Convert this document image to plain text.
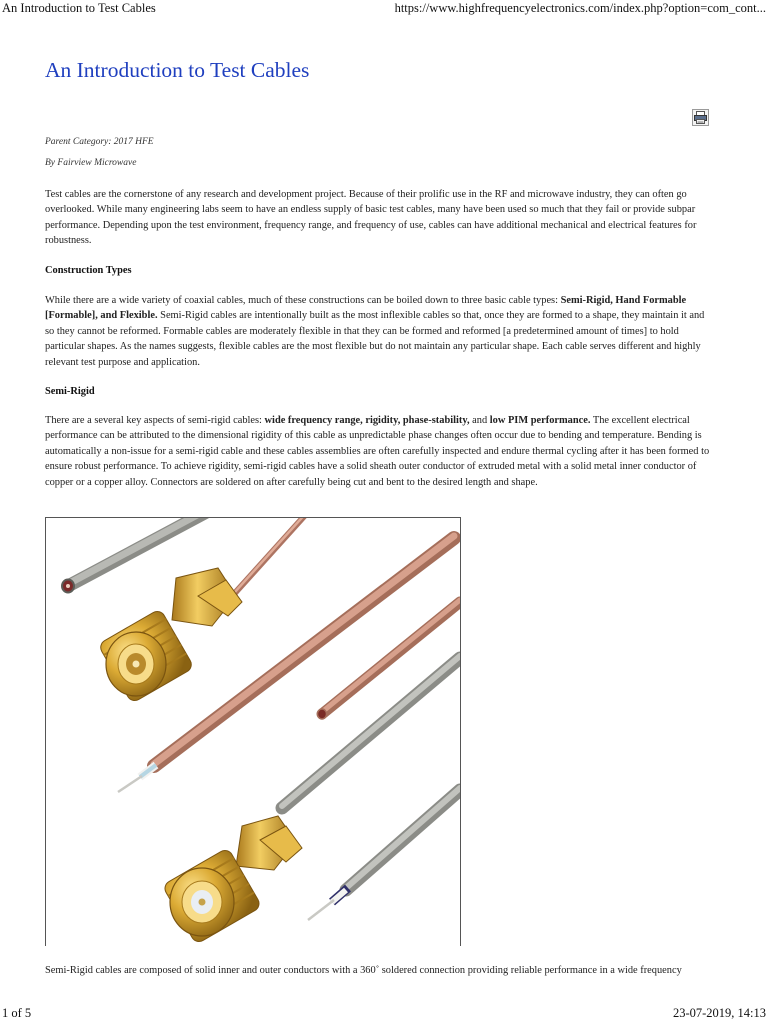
An Introduction to Test Cables	https://www.highfrequencyelectronics.com/index.php?option=com_cont...
An Introduction to Test Cables
Parent Category: 2017 HFE
By Fairview Microwave

Test cables are the cornerstone of any research and development project. Because of their prolific use in the RF and microwave industry, they can often go overlooked. While many engineering labs seem to have an endless supply of basic test cables, many have been used so much that they fail or provide subpar performance. Depending upon the test environment, frequency range, and frequency of use, cables can have additional mechanical and electrical features for robustness.

Construction Types

While there are a wide variety of coaxial cables, much of these constructions can be boiled down to three basic cable types: Semi-Rigid, Hand Formable [Formable], and Flexible. Semi-Rigid cables are intentionally built as the most inflexible cables so that, once they are formed to a shape, they maintain it and so they cannot be reformed. Formable cables are moderately flexible in that they can be formed and reformed [a predetermined amount of times] to hold particular shapes. As the names suggests, flexible cables are the most flexible but do not maintain any particular shape. Each cable serves different and highly relevant test purpose and application.

Semi-Rigid

There are a several key aspects of semi-rigid cables: wide frequency range, rigidity, phase-stability, and low PIM performance. The excellent electrical performance can be attributed to the dimensional rigidity of this cable as unpredictable phase changes often occur due to bending and temperature. Bending is automatically a non-issue for a semi-rigid cable and these cables assemblies are often carefully inspected and endure thermal cycling after it has been formed to ensure robust performance. To achieve rigidity, semi-rigid cables have a solid sheath outer conductor of extruded metal with a solid metal inner conductor of copper or a copper alloy. Connectors are soldered on after carefully being cut and bent to the desired length and shape.

Semi-Rigid cables are composed of solid inner and outer conductors with a 360˚ soldered connection providing reliable performance in a wide frequency

1 of 5	23-07-2019, 14:13
